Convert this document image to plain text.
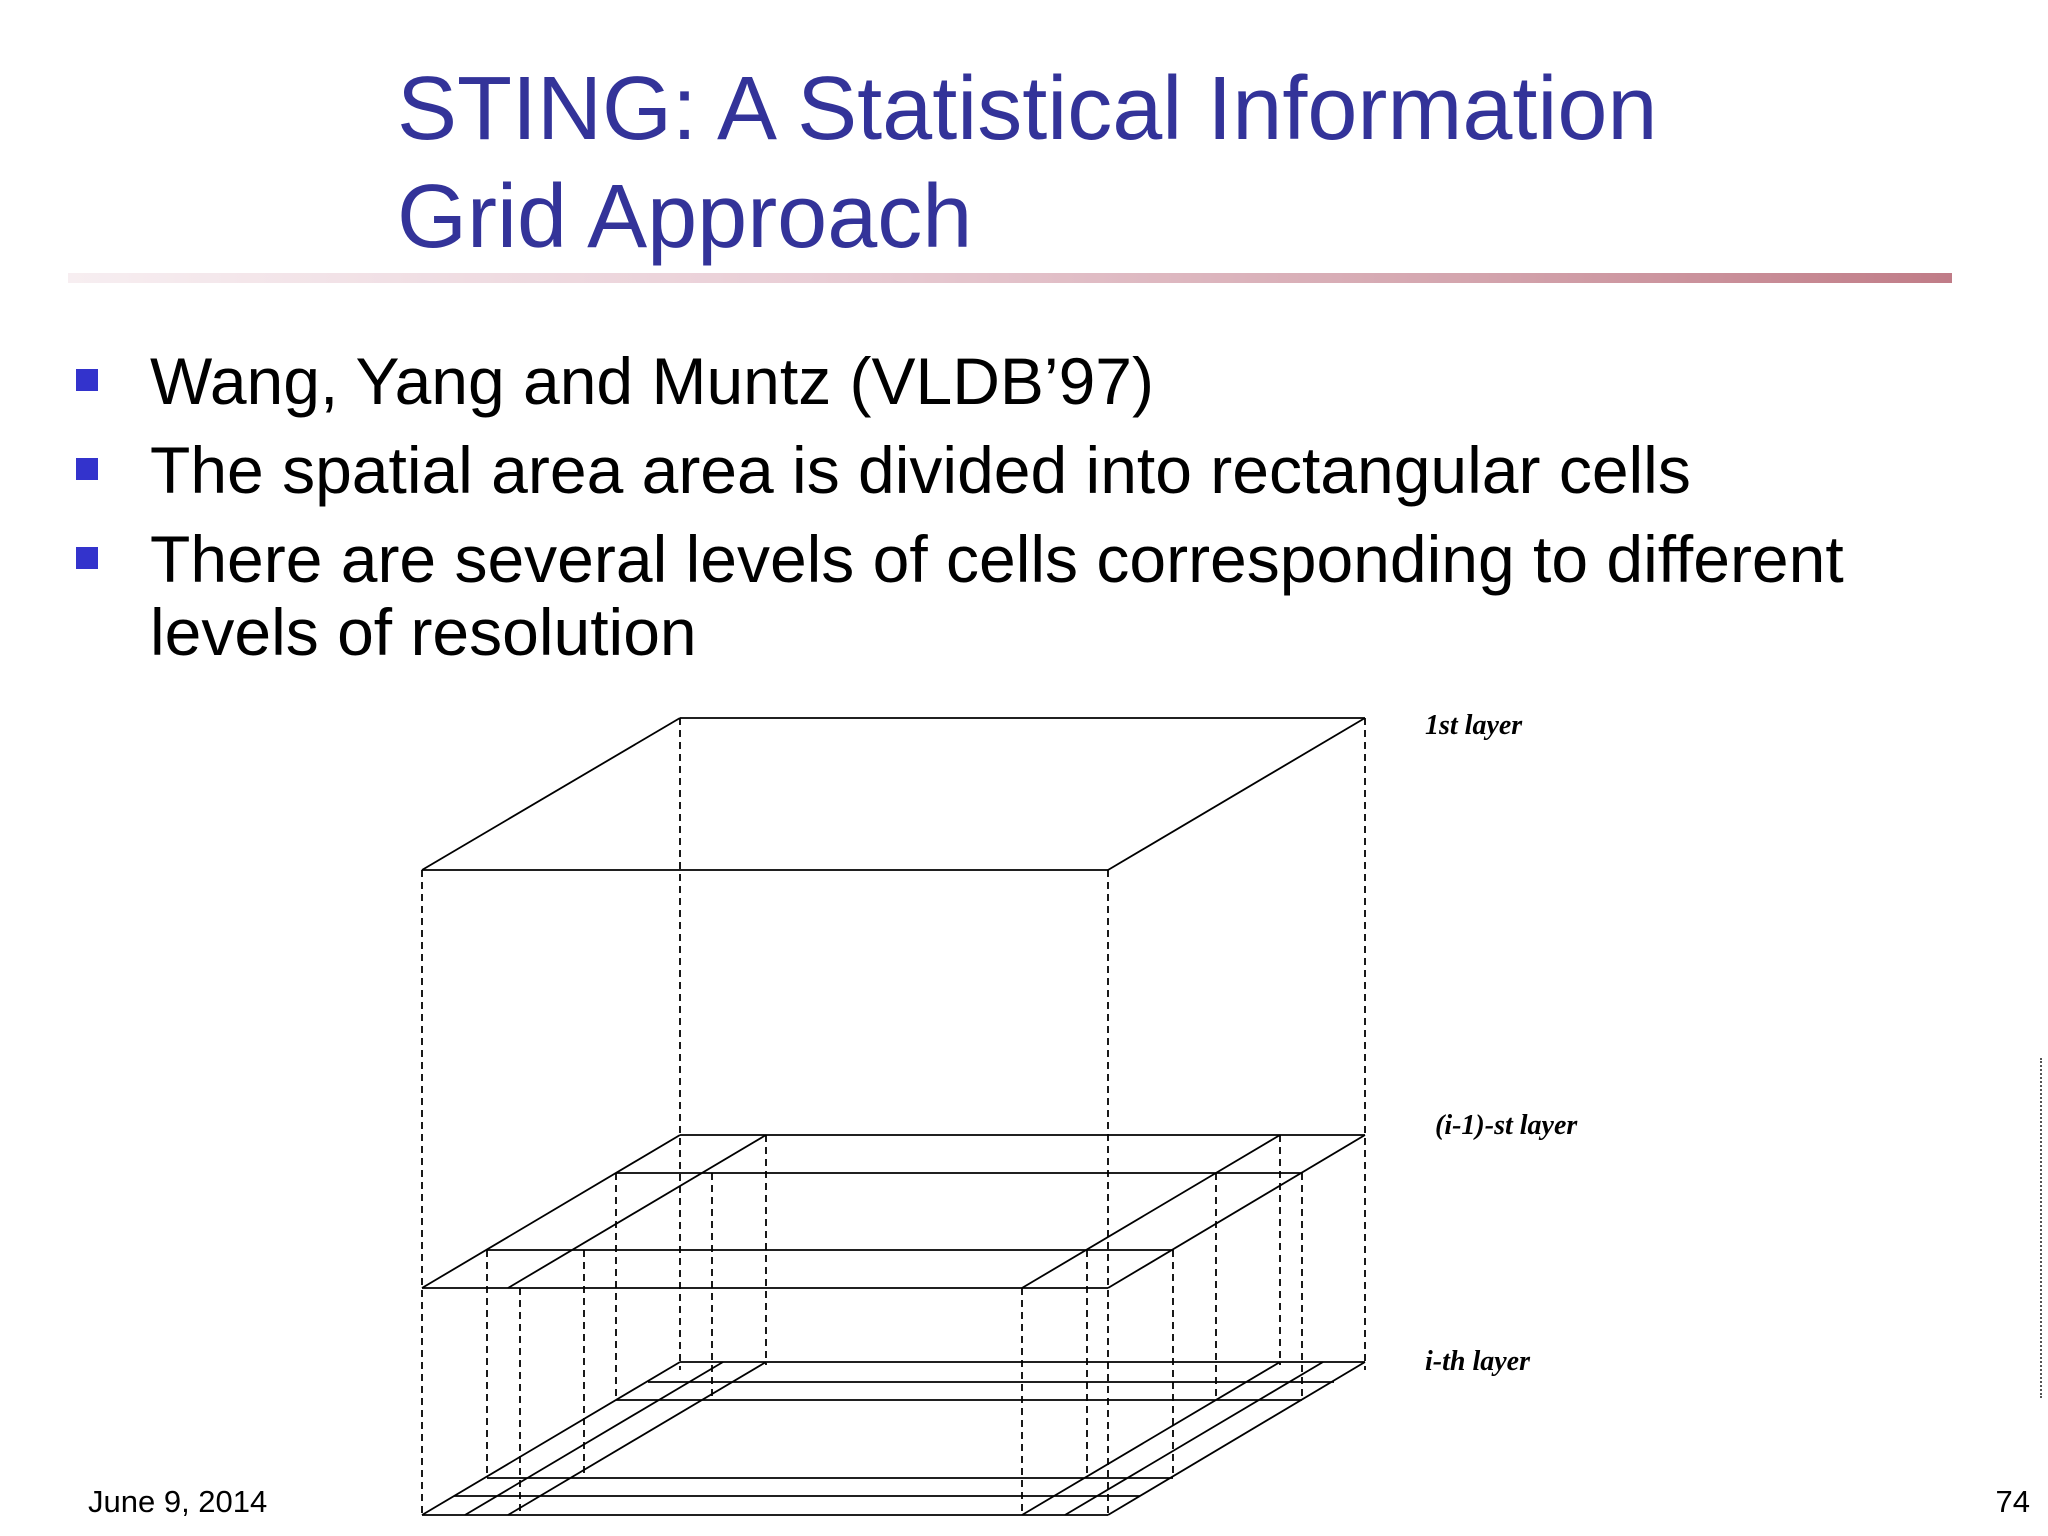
STING: A Statistical Information
Grid Approach
Wang, Yang and Muntz (VLDB’97)
The spatial area area is divided into rectangular cells
There are several levels of cells corresponding to different levels of resolution
1st layer
(i-1)-st layer
i-th layer
June 9, 2014	74
